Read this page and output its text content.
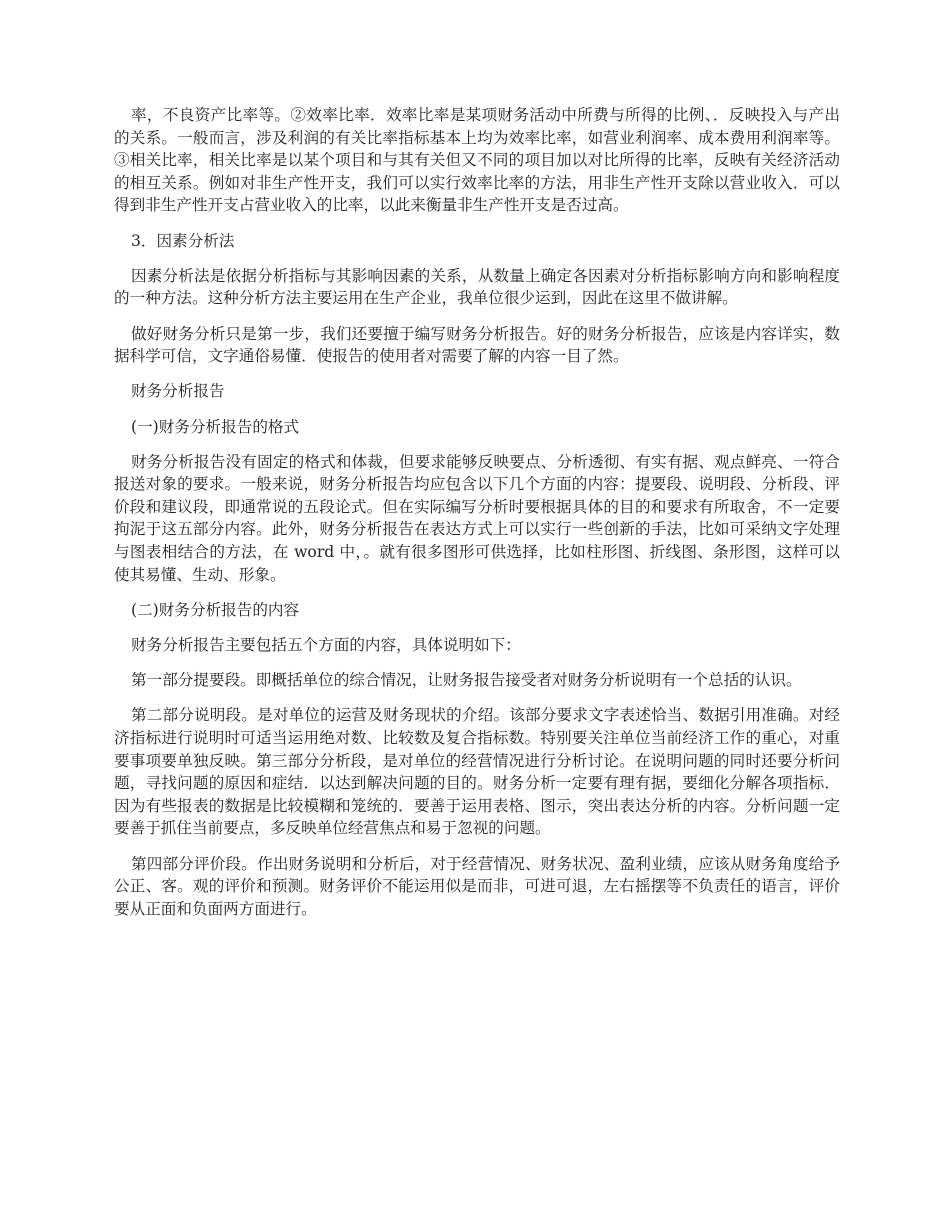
率，不良资产比率等。②效率比率．效率比率是某项财务活动中所费与所得的比例、．反映投入与产出的关系。一般而言，涉及利润的有关比率指标基本上均为效率比率，如营业利润率、成本费用利润率等。③相关比率，相关比率是以某个项目和与其有关但又不同的项目加以对比所得的比率，反映有关经济活动的相互关系。例如对非生产性开支，我们可以实行效率比率的方法，用非生产性开支除以营业收入．可以得到非生产性开支占营业收入的比率，以此来衡量非生产性开支是否过高。

3．因素分析法

因素分析法是依据分析指标与其影响因素的关系，从数量上确定各因素对分析指标影响方向和影响程度的一种方法。这种分析方法主要运用在生产企业，我单位很少运到，因此在这里不做讲解。

做好财务分析只是第一步，我们还要擅于编写财务分析报告。好的财务分析报告，应该是内容详实，数据科学可信，文字通俗易懂．使报告的使用者对需要了解的内容一目了然。

财务分析报告

(一)财务分析报告的格式

财务分析报告没有固定的格式和体裁，但要求能够反映要点、分析透彻、有实有据、观点鲜亮、一符合报送对象的要求。一般来说，财务分析报告均应包含以下几个方面的内容：提要段、说明段、分析段、评价段和建议段，即通常说的五段论式。但在实际编写分析时要根据具体的目的和要求有所取舍，不一定要拘泥于这五部分内容。此外，财务分析报告在表达方式上可以实行一些创新的手法，比如可采纳文字处理与图表相结合的方法，在 word 中，。就有很多图形可供选择，比如柱形图、折线图、条形图，这样可以使其易懂、生动、形象。

(二)财务分析报告的内容

财务分析报告主要包括五个方面的内容，具体说明如下：

第一部分提要段。即概括单位的综合情况，让财务报告接受者对财务分析说明有一个总括的认识。

第二部分说明段。是对单位的运营及财务现状的介绍。该部分要求文字表述恰当、数据引用准确。对经济指标进行说明时可适当运用绝对数、比较数及复合指标数。特别要关注单位当前经济工作的重心，对重要事项要单独反映。第三部分分析段，是对单位的经营情况进行分析讨论。在说明问题的同时还要分析问题，寻找问题的原因和症结．以达到解决问题的目的。财务分析一定要有理有据，要细化分解各项指标．因为有些报表的数据是比较模糊和笼统的．要善于运用表格、图示，突出表达分析的内容。分析问题一定要善于抓住当前要点，多反映单位经营焦点和易于忽视的问题。

第四部分评价段。作出财务说明和分析后，对于经营情况、财务状况、盈利业绩，应该从财务角度给予公正、客。观的评价和预测。财务评价不能运用似是而非，可进可退，左右摇摆等不负责任的语言，评价要从正面和负面两方面进行。
